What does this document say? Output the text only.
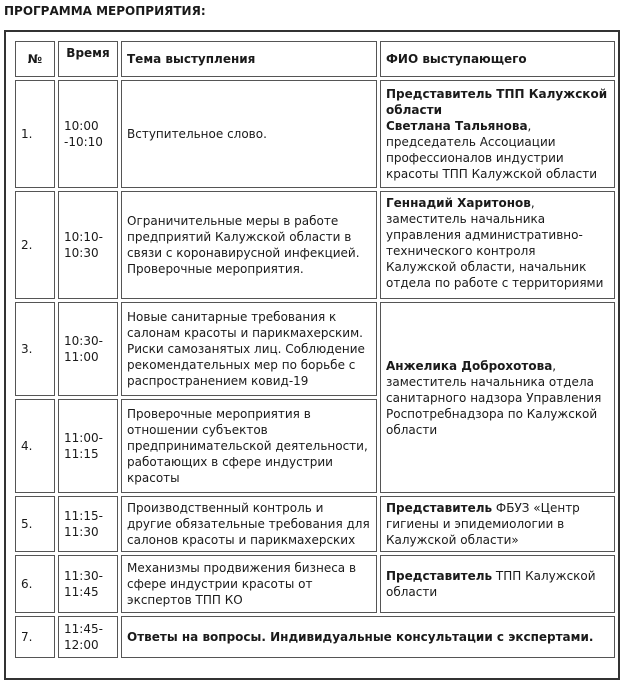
ПРОГРАММА МЕРОПРИЯТИЯ:
№	Время	Тема выступления	ФИО выступающего
1.	10:00 -10:10	Вступительное слово.	Представитель ТПП Калужской области
Светлана Тальянова, председатель Ассоциации профессионалов индустрии красоты ТПП Калужской области
2.	10:10- 10:30	Ограничительные меры в работе предприятий Калужской области в связи с коронавирусной инфекцией. Проверочные мероприятия.	Геннадий Харитонов, заместитель начальника управления административно-технического контроля Калужской области, начальник отдела по работе с территориями
3.	10:30- 11:00	Новые санитарные требования к салонам красоты и парикмахерским. Риски самозанятых лиц. Соблюдение рекомендательных мер по борьбе с распространением ковид-19	Анжелика Доброхотова, заместитель начальника отдела санитарного надзора Управления Роспотребнадзора по Калужской области
4.	11:00- 11:15	Проверочные мероприятия в отношении субъектов предпринимательской деятельности, работающих в сфере индустрии красоты	
5.	11:15- 11:30	Производственный контроль и другие обязательные требования для салонов красоты и парикмахерских	Представитель ФБУЗ «Центр гигиены и эпидемиологии в Калужской области»
6.	11:30- 11:45	Механизмы продвижения бизнеса в сфере индустрии красоты от экспертов ТПП КО	Представитель ТПП Калужской области
7.	11:45- 12:00	Ответы на вопросы. Индивидуальные консультации с экспертами.	
